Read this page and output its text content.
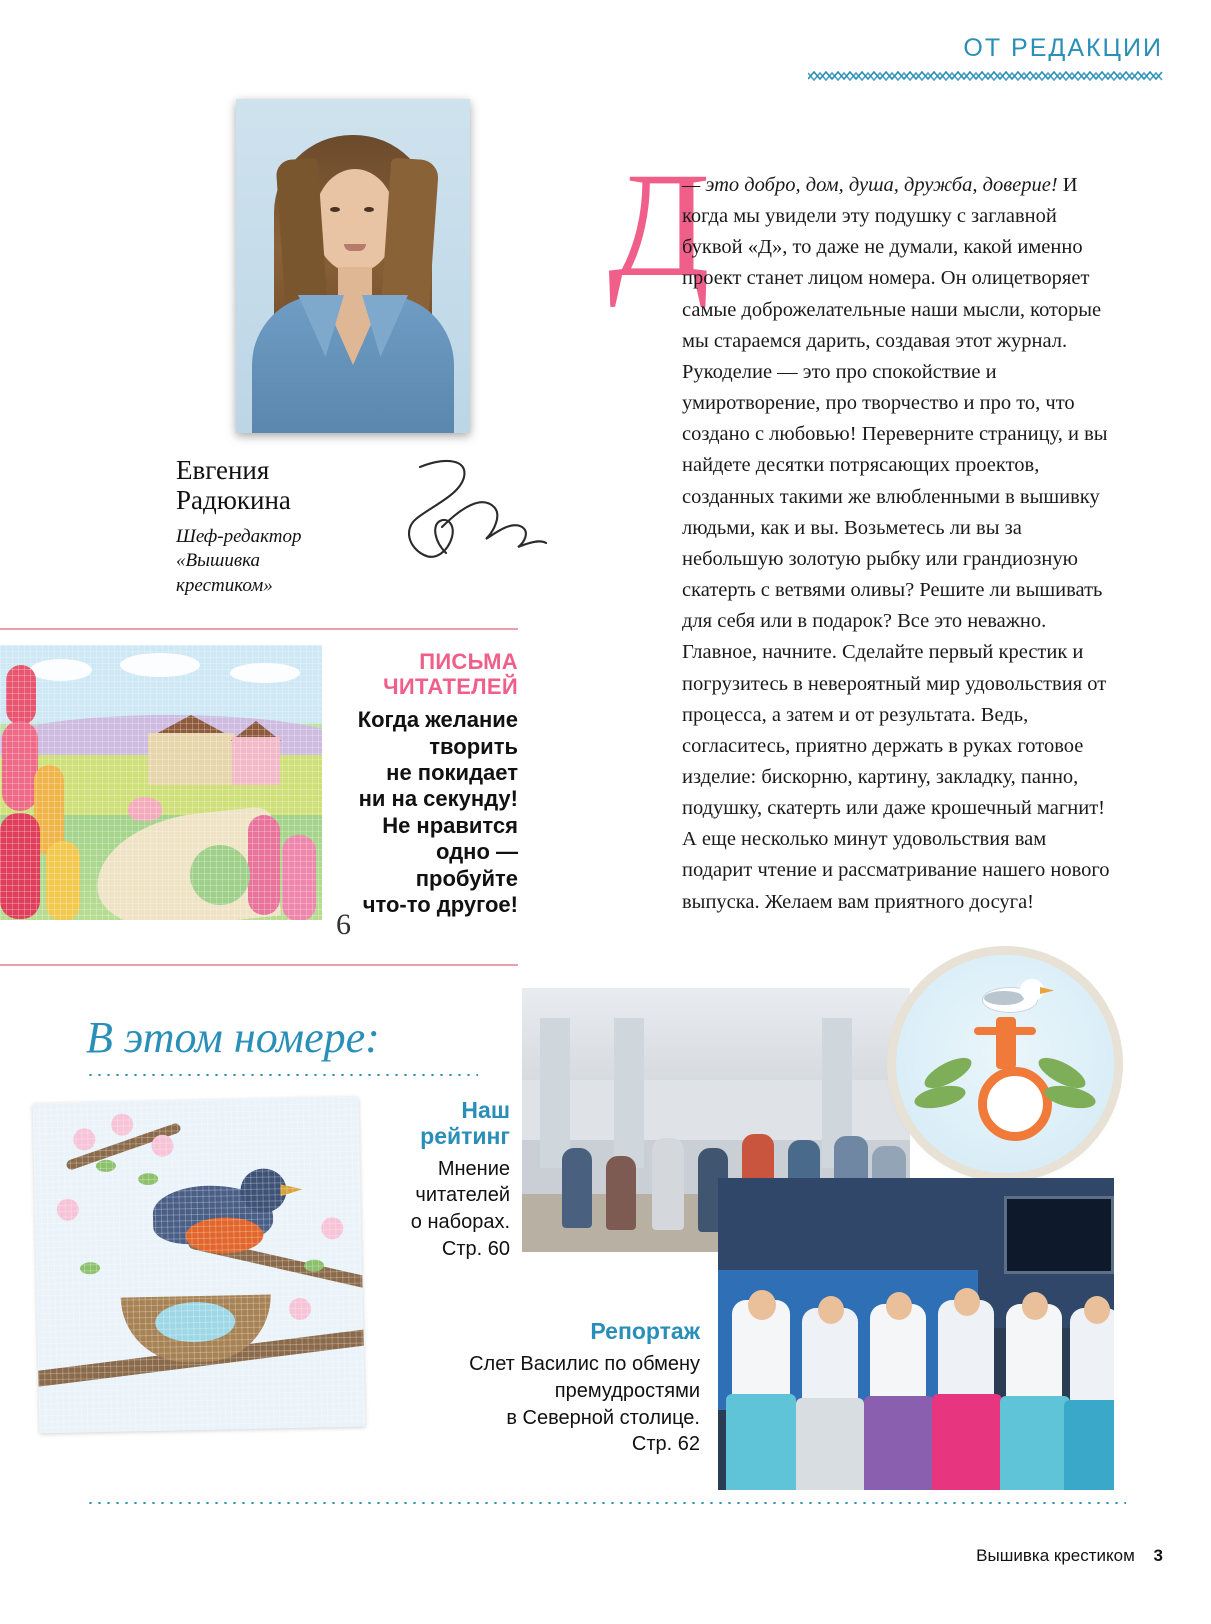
ОТ РЕДАКЦИИ
Евгения
Радюкина
Шеф-редактор
«Вышивка
крестиком»
Д

— это добро, дом, душа, дружба, доверие! И когда мы увидели эту подушку с заглавной буквой «Д», то даже не думали, какой именно проект станет лицом номера. Он олицетворяет самые доброжелательные наши мысли, которые мы стараемся дарить, создавая этот журнал. Рукоделие — это про спокойствие и умиротворение, про творчество и про то, что создано с любовью! Переверните страницу, и вы найдете десятки потрясающих проектов, созданных такими же влюбленными в вышивку людьми, как и вы. Возьметесь ли вы за небольшую золотую рыбку или грандиозную скатерть с ветвями оливы? Решите ли вышивать для себя или в подарок? Все это неважно. Главное, начните. Сделайте первый крестик и погрузитесь в невероятный мир удовольствия от процесса, а затем и от результата. Ведь, согласитесь, приятно держать в руках готовое изделие: бискорню, картину, закладку, панно, подушку, скатерть или даже крошечный магнит! А еще несколько минут удовольствия вам подарит чтение и рассматривание нашего нового выпуска. Желаем вам приятного досуга!

ПИСЬМА
ЧИТАТЕЛЕЙ
Когда желание
творить
не покидает
ни на секунду!
Не нравится
одно —
пробуйте
что-то другое!
6
В этом номере:
Наш
рейтинг
Мнение
читателей
о наборах.
Стр. 60
Репортаж
Слет Василис по обмену
премудростями
в Северной столице.
Стр. 62
Вышивка крестиком 3
